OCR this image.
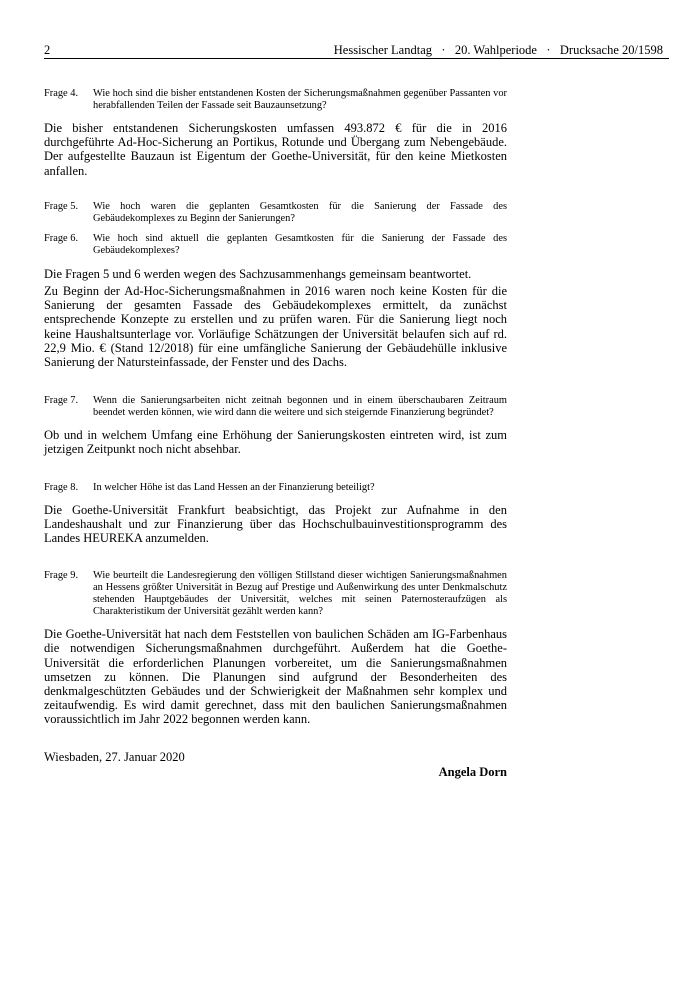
2	Hessischer Landtag   ·   20. Wahlperiode   ·   Drucksache 20/1598
Frage 4.	Wie hoch sind die bisher entstandenen Kosten der Sicherungsmaßnahmen gegenüber Passanten vor herabfallenden Teilen der Fassade seit Bauzaunsetzung?

Die bisher entstandenen Sicherungskosten umfassen 493.872 € für die in 2016 durchgeführte Ad-Hoc-Sicherung an Portikus, Rotunde und Übergang zum Nebengebäude. Der aufgestellte Bauzaun ist Eigentum der Goethe-Universität, für den keine Mietkosten anfallen.

Frage 5.	Wie hoch waren die geplanten Gesamtkosten für die Sanierung der Fassade des Gebäudekomplexes zu Beginn der Sanierungen?
Frage 6.	Wie hoch sind aktuell die geplanten Gesamtkosten für die Sanierung der Fassade des Gebäudekomplexes?

Die Fragen 5 und 6 werden wegen des Sachzusammenhangs gemeinsam beantwortet.

Zu Beginn der Ad-Hoc-Sicherungsmaßnahmen in 2016 waren noch keine Kosten für die Sanierung der gesamten Fassade des Gebäudekomplexes ermittelt, da zunächst entsprechende Konzepte zu erstellen und zu prüfen waren. Für die Sanierung liegt noch keine Haushaltsunterlage vor. Vorläufige Schätzungen der Universität belaufen sich auf rd. 22,9 Mio. € (Stand 12/2018) für eine umfängliche Sanierung der Gebäudehülle inklusive Sanierung der Natursteinfassade, der Fenster und des Dachs.

Frage 7.	Wenn die Sanierungsarbeiten nicht zeitnah begonnen und in einem überschaubaren Zeitraum beendet werden können, wie wird dann die weitere und sich steigernde Finanzierung begründet?

Ob und in welchem Umfang eine Erhöhung der Sanierungskosten eintreten wird, ist zum jetzigen Zeitpunkt noch nicht absehbar.

Frage 8.	In welcher Höhe ist das Land Hessen an der Finanzierung beteiligt?

Die Goethe-Universität Frankfurt beabsichtigt, das Projekt zur Aufnahme in den Landeshaushalt und zur Finanzierung über das Hochschulbauinvestitionsprogramm des Landes HEUREKA anzumelden.

Frage 9.	Wie beurteilt die Landesregierung den völligen Stillstand dieser wichtigen Sanierungsmaßnahmen an Hessens größter Universität in Bezug auf Prestige und Außenwirkung des unter Denkmalschutz stehenden Hauptgebäudes der Universität, welches mit seinen Paternosteraufzügen als Charakteristikum der Universität gezählt werden kann?

Die Goethe-Universität hat nach dem Feststellen von baulichen Schäden am IG-Farbenhaus die notwendigen Sicherungsmaßnahmen durchgeführt. Außerdem hat die Goethe-Universität die erforderlichen Planungen vorbereitet, um die Sanierungsmaßnahmen umsetzen zu können. Die Planungen sind aufgrund der Besonderheiten des denkmalgeschützten Gebäudes und der Schwierigkeit der Maßnahmen sehr komplex und zeitaufwendig. Es wird damit gerechnet, dass mit den baulichen Sanierungsmaßnahmen voraussichtlich im Jahr 2022 begonnen werden kann.

Wiesbaden, 27. Januar 2020
Angela Dorn
